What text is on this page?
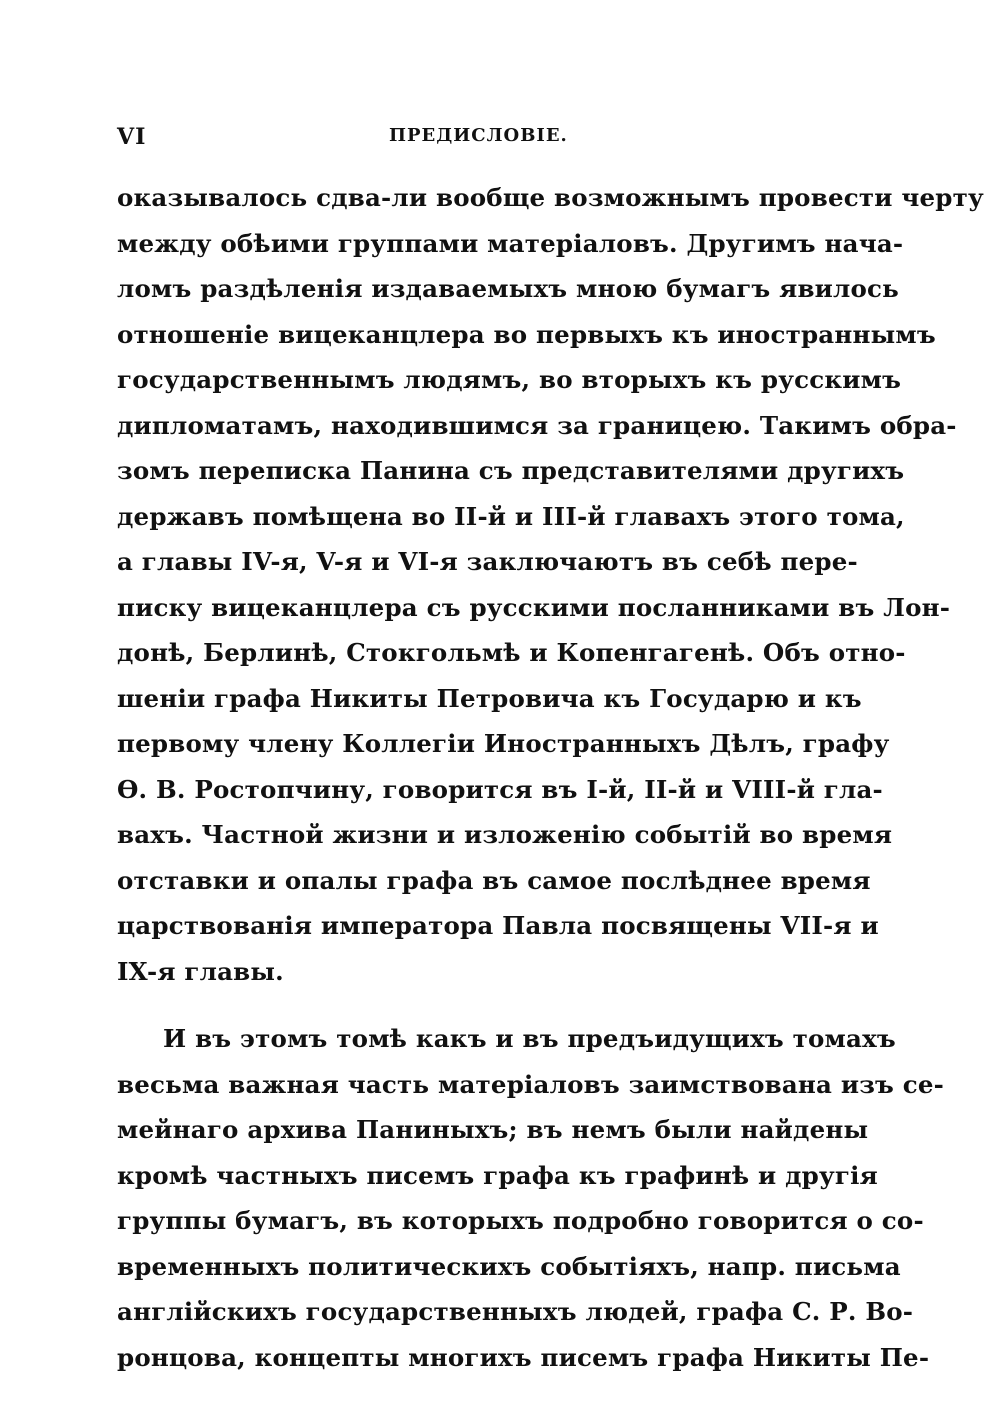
VI	ПРЕДИСЛОВІЕ.
оказывалось сдва-ли вообще возможнымъ провести черту
между обѣими группами матеріаловъ. Другимъ нача-
ломъ раздѣленія издаваемыхъ мною бумагъ явилось
отношеніе вицеканцлера во первыхъ къ иностраннымъ
государственнымъ людямъ, во вторыхъ къ русскимъ
дипломатамъ, находившимся за границею. Такимъ обра-
зомъ переписка Панина съ представителями другихъ
державъ помѣщена во II-й и III-й главахъ этого тома,
а главы IV-я, V-я и VI-я заключаютъ въ себѣ пере-
писку вицеканцлера съ русскими посланниками въ Лон-
донѣ, Берлинѣ, Стокгольмѣ и Копенгагенѣ. Объ отно-
шеніи графа Никиты Петровича къ Государю и къ
первому члену Коллегіи Иностранныхъ Дѣлъ, графу
Ѳ. В. Ростопчину, говорится въ I-й, II-й и VIII-й гла-
вахъ. Частной жизни и изложенію событій во время
отставки и опалы графа въ самое послѣднее время
царствованія императора Павла посвящены VII-я и
IX-я главы.
И въ этомъ томѣ какъ и въ предъидущихъ томахъ
весьма важная часть матеріаловъ заимствована изъ се-
мейнаго архива Паниныхъ; въ немъ были найдены
кромѣ частныхъ писемъ графа къ графинѣ и другія
группы бумагъ, въ которыхъ подробно говорится о со-
временныхъ политическихъ событіяхъ, напр. письма
англійскихъ государственныхъ людей, графа С. Р. Во-
ронцова, концепты многихъ писемъ графа Никиты Пе-
